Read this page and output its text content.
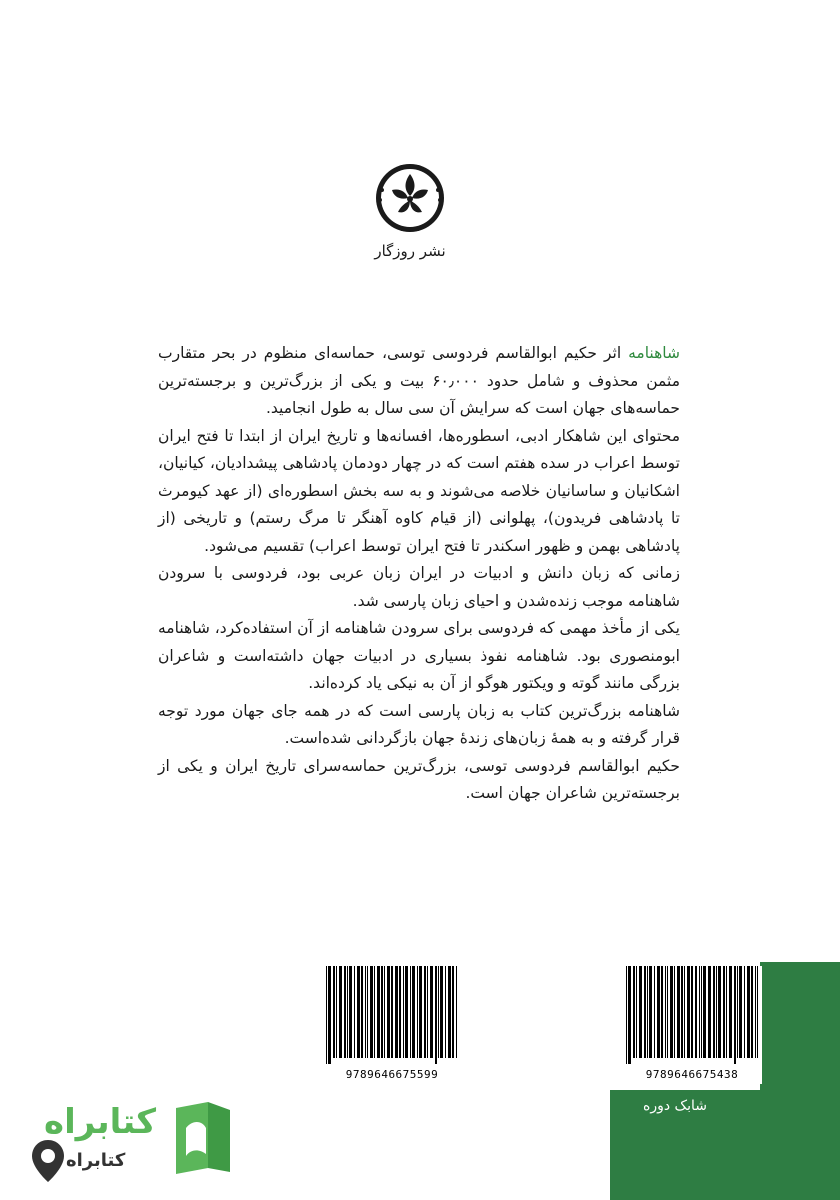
نشر روزگار

شاهنامه اثر حکیم ابوالقاسم فردوسی توسی، حماسه‌ای منظوم در بحر متقارب مثمن محذوف و شامل حدود ۶۰٫۰۰۰ بیت و یکی از بزرگ‌ترین و برجسته‌ترین حماسه‌های جهان است که سرایش آن سی سال به طول انجامید.

محتوای این شاهکار ادبی، اسطوره‌ها، افسانه‌ها و تاریخ ایران از ابتدا تا فتح ایران توسط اعراب در سده هفتم است که در چهار دودمان پادشاهی پیشدادیان، کیانیان، اشکانیان و ساسانیان خلاصه می‌شوند و به سه بخش اسطوره‌ای (از عهد کیومرث تا پادشاهی فریدون)، پهلوانی (از قیام کاوه آهنگر تا مرگ رستم) و تاریخی (از پادشاهی بهمن و ظهور اسکندر تا فتح ایران توسط اعراب) تقسیم می‌شود.

زمانی که زبان دانش و ادبیات در ایران زبان عربی بود، فردوسی با سرودن شاهنامه موجب زنده‌شدن و احیای زبان پارسی شد.

یکی از مأخذ مهمی که فردوسی برای سرودن شاهنامه از آن استفاده‌کرد، شاهنامه ابومنصوری بود. شاهنامه نفوذ بسیاری در ادبیات جهان داشته‌است و شاعران بزرگی مانند گوته و ویکتور هوگو از آن به نیکی یاد کرده‌اند.

شاهنامه بزرگ‌ترین کتاب به زبان پارسی است که در همه جای جهان مورد توجه قرار گرفته و به همهٔ زبان‌های زندهٔ جهان بازگردانی شده‌است.

حکیم ابوالقاسم فردوسی توسی، بزرگ‌ترین حماسه‌سرای تاریخ ایران و یکی از برجسته‌ترین شاعران جهان است.

9789646675599	9789646675438
شابک دوره
کتابراه
کتابراه
